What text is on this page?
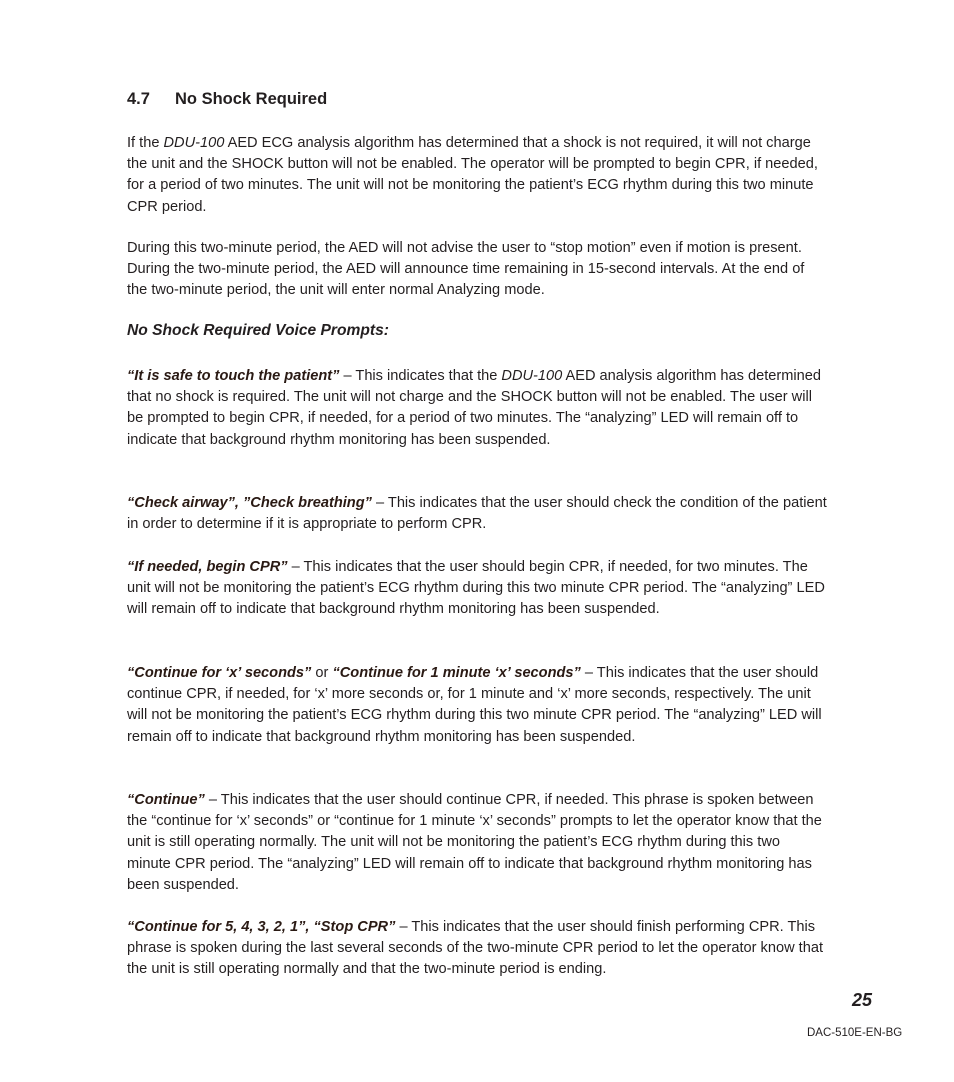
4.7 No Shock Required

If the DDU-100 AED ECG analysis algorithm has determined that a shock is not required, it will not charge the unit and the SHOCK button will not be enabled. The operator will be prompted to begin CPR, if needed, for a period of two minutes. The unit will not be monitoring the patient’s ECG rhythm during this two minute CPR period.

During this two-minute period, the AED will not advise the user to “stop motion” even if motion is present. During the two-minute period, the AED will announce time remaining in 15-second intervals. At the end of the two-minute period, the unit will enter normal Analyzing mode.

No Shock Required Voice Prompts:

“It is safe to touch the patient” – This indicates that the DDU-100 AED analysis algorithm has determined that no shock is required. The unit will not charge and the SHOCK button will not be enabled. The user will be prompted to begin CPR, if needed, for a period of two minutes. The “analyzing” LED will remain off to indicate that background rhythm monitoring has been suspended.

“Check airway”, ”Check breathing” – This indicates that the user should check the condition of the patient in order to determine if it is appropriate to perform CPR.

“If needed, begin CPR” – This indicates that the user should begin CPR, if needed, for two minutes. The unit will not be monitoring the patient’s ECG rhythm during this two minute CPR period. The “analyzing” LED will remain off to indicate that background rhythm monitoring has been suspended.

“Continue for ‘x’ seconds” or “Continue for 1 minute ‘x’ seconds” – This indicates that the user should continue CPR, if needed, for ‘x’ more seconds or, for 1 minute and ‘x’ more seconds, respectively. The unit will not be monitoring the patient’s ECG rhythm during this two minute CPR period. The “analyzing” LED will remain off to indicate that background rhythm monitoring has been suspended.

“Continue” – This indicates that the user should continue CPR, if needed. This phrase is spoken between the “continue for ‘x’ seconds” or “continue for 1 minute ‘x’ seconds” prompts to let the operator know that the unit is still operating normally. The unit will not be monitoring the patient’s ECG rhythm during this two minute CPR period. The “analyzing” LED will remain off to indicate that background rhythm monitoring has been suspended.

“Continue for 5, 4, 3, 2, 1”, “Stop CPR” – This indicates that the user should finish performing CPR. This phrase is spoken during the last several seconds of the two-minute CPR period to let the operator know that the unit is still operating normally and that the two-minute period is ending.

25
DAC-510E-EN-BG
